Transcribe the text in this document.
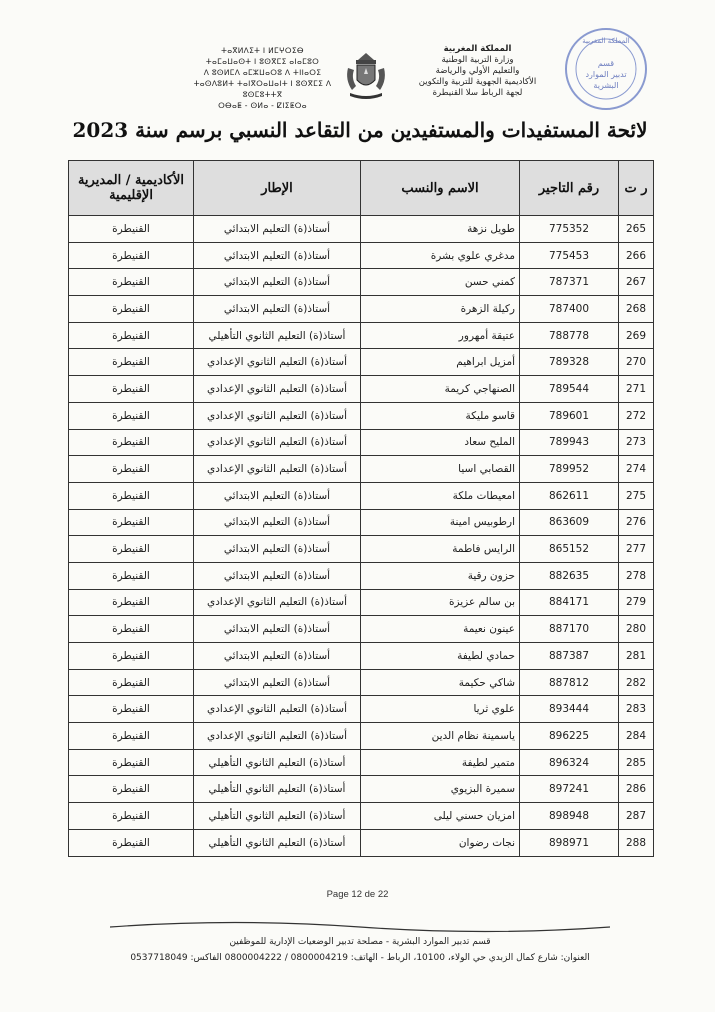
ⵜⴰⴳⵍⴷⵉⵜ ⵏ ⵍⵎⵖⵔⵉⴱ
ⵜⴰⵎⴰⵡⴰⵙⵜ ⵏ ⵓⵙⴳⵎⵉ ⴰⵏⴰⵎⵓⵔ
ⴷ ⵓⵙⵍⵎⴷ ⴰⵎⵣⵡⴰⵔⵓ ⴷ ⵜⵏⵏⴰⵔⵉ
ⵜⴰⵙⴷⵓⵍⵜ ⵜⴰⵏⴳⵔⴰⵡⴰⵏⵜ ⵏ ⵓⵙⴳⵎⵉ ⴷ ⵓⵙⵎⵓⵜⵜⴳ
ⵔⴱⴰⵟ - ⵙⵍⴰ - ⵇⵏⵉⵟⵔⴰ
المملكة المغربية
وزارة التربية الوطنية
والتعليم الأولي والرياضة
الأكاديمية الجهوية للتربية والتكوين
لجهة الرباط سلا القنيطرة
المملكة المغربية
قسم
تدبير الموارد
البشرية
لائحة المستفيدات والمستفيدين من التقاعد النسبي برسم سنة 2023
ر ت	رقم التاجير	الاسم والنسب	الإطار	الأكاديمية / المديرية الإقليمية
265	775352	طويل نزهة	أستاذ(ة) التعليم الابتدائي	القنيطرة
266	775453	مدغري علوي بشرة	أستاذ(ة) التعليم الابتدائي	القنيطرة
267	787371	كمني حسن	أستاذ(ة) التعليم الابتدائي	القنيطرة
268	787400	ركيلة الزهرة	أستاذ(ة) التعليم الابتدائي	القنيطرة
269	788778	عتيقة أمهرور	أستاذ(ة) التعليم الثانوي التأهيلي	القنيطرة
270	789328	أمزيل ابراهيم	أستاذ(ة) التعليم الثانوي الإعدادي	القنيطرة
271	789544	الصنهاجي كريمة	أستاذ(ة) التعليم الثانوي الإعدادي	القنيطرة
272	789601	قاسو مليكة	أستاذ(ة) التعليم الثانوي الإعدادي	القنيطرة
273	789943	المليح سعاد	أستاذ(ة) التعليم الثانوي الإعدادي	القنيطرة
274	789952	القصابي اسيا	أستاذ(ة) التعليم الثانوي الإعدادي	القنيطرة
275	862611	امعيطات ملكة	أستاذ(ة) التعليم الابتدائي	القنيطرة
276	863609	ارطوبيس امينة	أستاذ(ة) التعليم الابتدائي	القنيطرة
277	865152	الرايس فاطمة	أستاذ(ة) التعليم الابتدائي	القنيطرة
278	882635	حزون رقية	أستاذ(ة) التعليم الابتدائي	القنيطرة
279	884171	بن سالم عزيزة	أستاذ(ة) التعليم الثانوي الإعدادي	القنيطرة
280	887170	عينون نعيمة	أستاذ(ة) التعليم الابتدائي	القنيطرة
281	887387	حمادي لطيفة	أستاذ(ة) التعليم الابتدائي	القنيطرة
282	887812	شاكي حكيمة	أستاذ(ة) التعليم الابتدائي	القنيطرة
283	893444	علوي ثريا	أستاذ(ة) التعليم الثانوي الإعدادي	القنيطرة
284	896225	ياسمينة نظام الدين	أستاذ(ة) التعليم الثانوي الإعدادي	القنيطرة
285	896324	متمير لطيفة	أستاذ(ة) التعليم الثانوي التأهيلي	القنيطرة
286	897241	سميرة البزيوي	أستاذ(ة) التعليم الثانوي التأهيلي	القنيطرة
287	898948	امزيان حسني ليلى	أستاذ(ة) التعليم الثانوي التأهيلي	القنيطرة
288	898971	نجات رضوان	أستاذ(ة) التعليم الثانوي التأهيلي	القنيطرة
Page 12 de 22
قسم تدبير الموارد البشرية - مصلحة تدبير الوضعيات الإدارية للموظفين
العنوان: شارع كمال الزبدي حي الولاء، 10100، الرباط - الهاتف: 0800004219 / 0800004222 الفاكس: 0537718049
